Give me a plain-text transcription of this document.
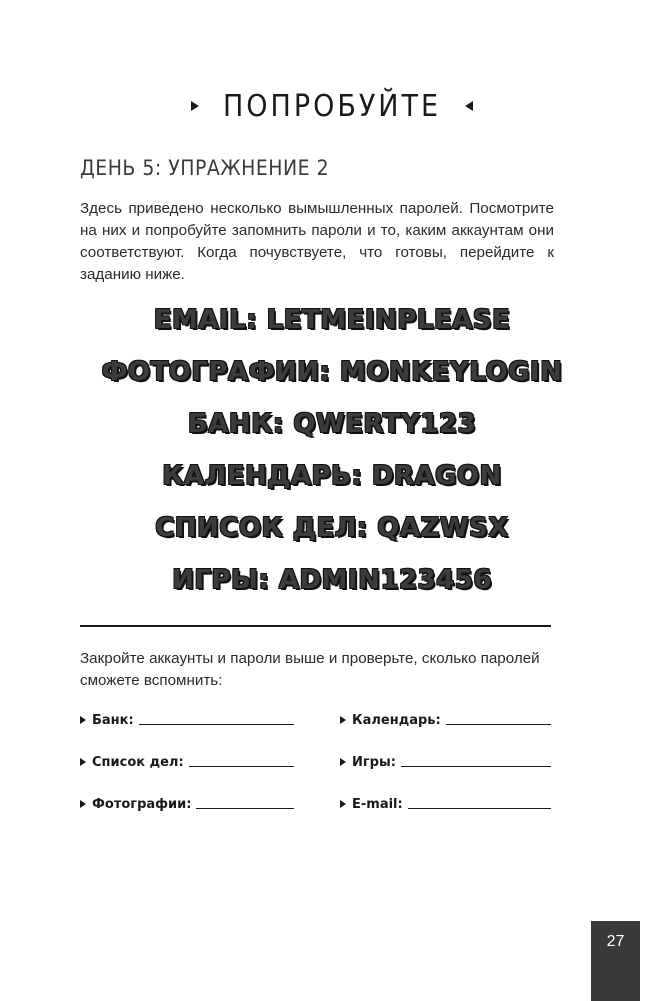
ПОПРОБУЙТЕ
ДЕНЬ 5: УПРАЖНЕНИЕ 2
Здесь приведено несколько вымышленных паролей. Посмотрите на них и попробуйте запомнить пароли и то, каким аккаунтам они соответствуют. Когда почувствуете, что готовы, перейдите к заданию ниже.
EMAIL: LETMEINPLEASE
ФОТОГРАФИИ: MONKEYLOGIN
БАНК: QWERTY123
КАЛЕНДАРЬ: DRAGON
СПИСОК ДЕЛ: QAZWSX
ИГРЫ: ADMIN123456
Закройте аккаунты и пароли выше и проверьте, сколько паролей сможете вспомнить:
Банк:	Календарь:
Список дел:	Игры:
Фотографии:	E-mail:
27
